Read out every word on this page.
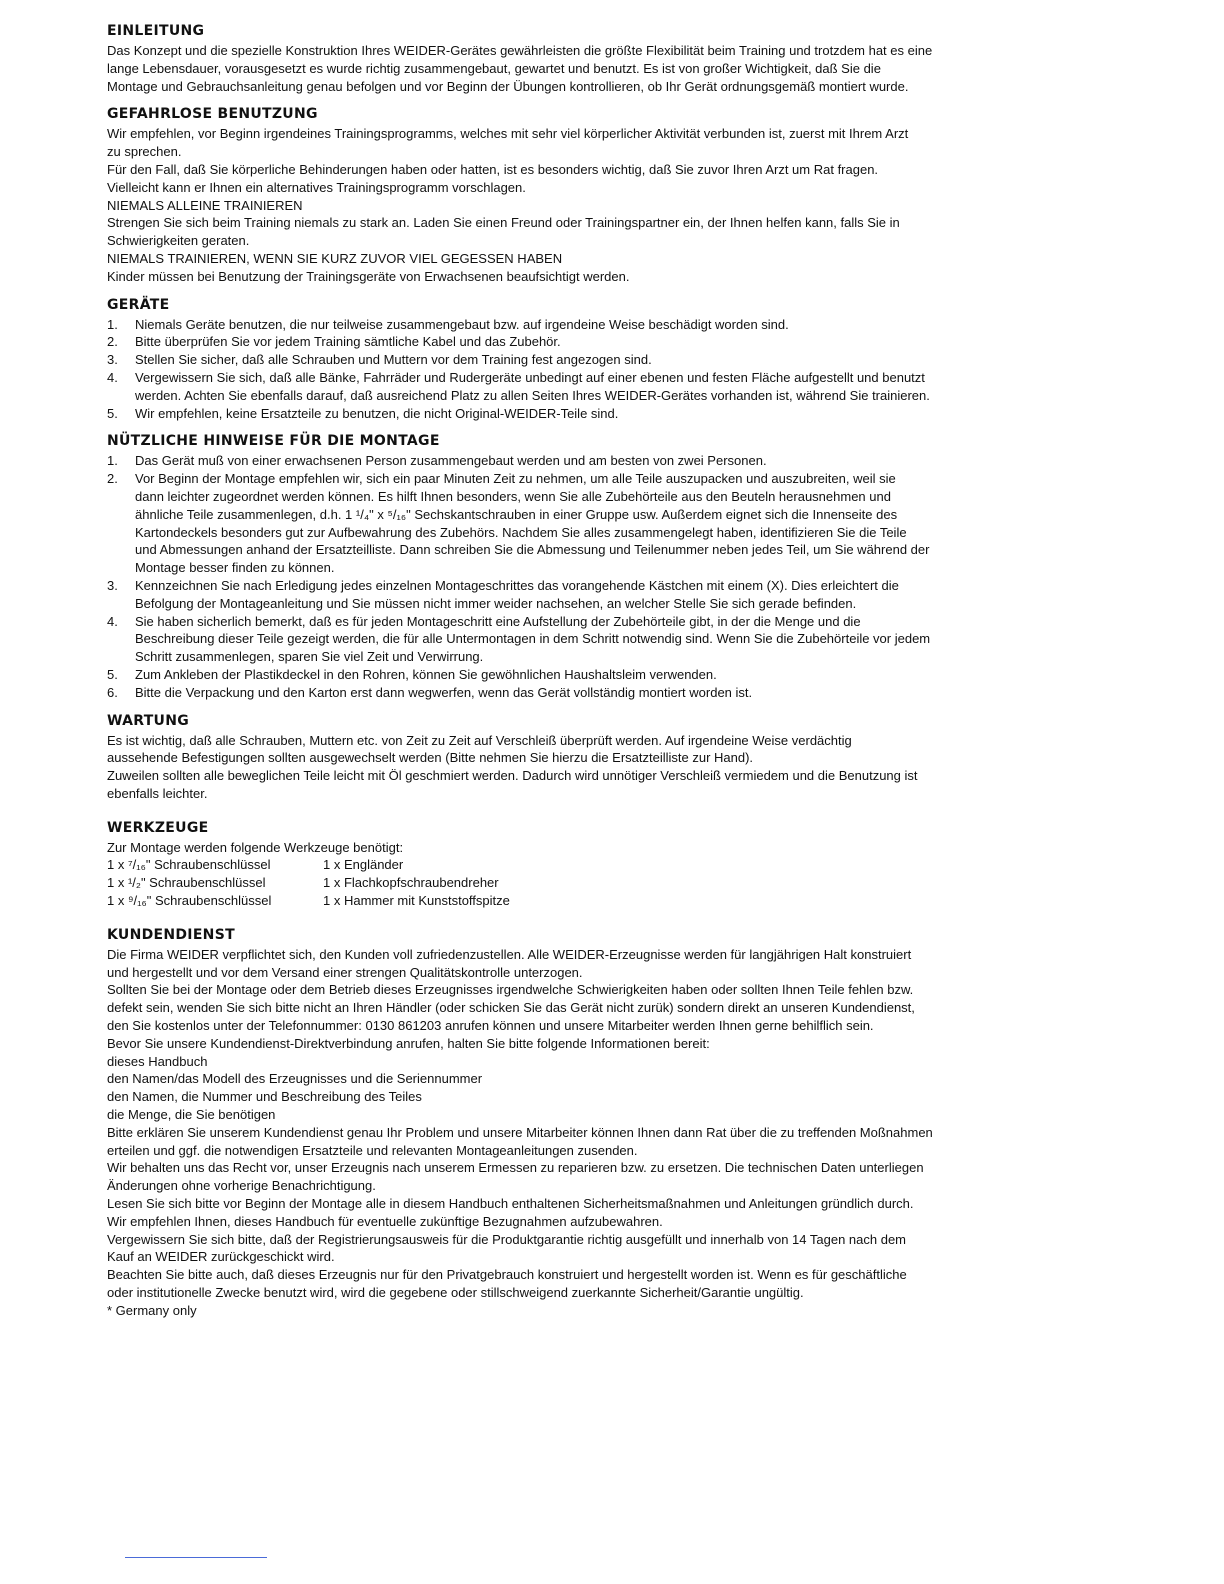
EINLEITUNG

Das Konzept und die spezielle Konstruktion Ihres WEIDER-Gerätes gewährleisten die größte Flexibilität beim Training und trotzdem hat es eine

lange Lebensdauer, vorausgesetzt es wurde richtig zusammengebaut, gewartet und benutzt. Es ist von großer Wichtigkeit, daß Sie die

Montage und Gebrauchsanleitung genau befolgen und vor Beginn der Übungen kontrollieren, ob Ihr Gerät ordnungsgemäß montiert wurde.

GEFAHRLOSE BENUTZUNG

Wir empfehlen, vor Beginn irgendeines Trainingsprogramms, welches mit sehr viel körperlicher Aktivität verbunden ist, zuerst mit Ihrem Arzt

zu sprechen.

Für den Fall, daß Sie körperliche Behinderungen haben oder hatten, ist es besonders wichtig, daß Sie zuvor Ihren Arzt um Rat fragen.

Vielleicht kann er Ihnen ein alternatives Trainingsprogramm vorschlagen.

NIEMALS ALLEINE TRAINIEREN

Strengen Sie sich beim Training niemals zu stark an. Laden Sie einen Freund oder Trainingspartner ein, der Ihnen helfen kann, falls Sie in

Schwierigkeiten geraten.

NIEMALS TRAINIEREN, WENN SIE KURZ ZUVOR VIEL GEGESSEN HABEN

Kinder müssen bei Benutzung der Trainingsgeräte von Erwachsenen beaufsichtigt werden.

GERÄTE
1. Niemals Geräte benutzen, die nur teilweise zusammengebaut bzw. auf irgendeine Weise beschädigt worden sind.
2. Bitte überprüfen Sie vor jedem Training sämtliche Kabel und das Zubehör.
3. Stellen Sie sicher, daß alle Schrauben und Muttern vor dem Training fest angezogen sind.
4. Vergewissern Sie sich, daß alle Bänke, Fahrräder und Rudergeräte unbedingt auf einer ebenen und festen Fläche aufgestellt und benutzt
werden. Achten Sie ebenfalls darauf, daß ausreichend Platz zu allen Seiten Ihres WEIDER-Gerätes vorhanden ist, während Sie trainieren.
5. Wir empfehlen, keine Ersatzteile zu benutzen, die nicht Original-WEIDER-Teile sind.
NÜTZLICHE HINWEISE FÜR DIE MONTAGE
1. Das Gerät muß von einer erwachsenen Person zusammengebaut werden und am besten von zwei Personen.
2. Vor Beginn der Montage empfehlen wir, sich ein paar Minuten Zeit zu nehmen, um alle Teile auszupacken und auszubreiten, weil sie
dann leichter zugeordnet werden können. Es hilft Ihnen besonders, wenn Sie alle Zubehörteile aus den Beuteln herausnehmen und
ähnliche Teile zusammenlegen, d.h. 1 ¹/₄" x ⁵/₁₆" Sechskantschrauben in einer Gruppe usw. Außerdem eignet sich die Innenseite des
Kartondeckels besonders gut zur Aufbewahrung des Zubehörs. Nachdem Sie alles zusammengelegt haben, identifizieren Sie die Teile
und Abmessungen anhand der Ersatzteilliste. Dann schreiben Sie die Abmessung und Teilenummer neben jedes Teil, um Sie während der
Montage besser finden zu können.
3. Kennzeichnen Sie nach Erledigung jedes einzelnen Montageschrittes das vorangehende Kästchen mit einem (X). Dies erleichtert die
Befolgung der Montageanleitung und Sie müssen nicht immer weider nachsehen, an welcher Stelle Sie sich gerade befinden.
4. Sie haben sicherlich bemerkt, daß es für jeden Montageschritt eine Aufstellung der Zubehörteile gibt, in der die Menge und die
Beschreibung dieser Teile gezeigt werden, die für alle Untermontagen in dem Schritt notwendig sind. Wenn Sie die Zubehörteile vor jedem
Schritt zusammenlegen, sparen Sie viel Zeit und Verwirrung.
5. Zum Ankleben der Plastikdeckel in den Rohren, können Sie gewöhnlichen Haushaltsleim verwenden.
6. Bitte die Verpackung und den Karton erst dann wegwerfen, wenn das Gerät vollständig montiert worden ist.
WARTUNG

Es ist wichtig, daß alle Schrauben, Muttern etc. von Zeit zu Zeit auf Verschleiß überprüft werden. Auf irgendeine Weise verdächtig

aussehende Befestigungen sollten ausgewechselt werden (Bitte nehmen Sie hierzu die Ersatzteilliste zur Hand).

Zuweilen sollten alle beweglichen Teile leicht mit Öl geschmiert werden. Dadurch wird unnötiger Verschleiß vermiedem und die Benutzung ist

ebenfalls leichter.

WERKZEUGE

Zur Montage werden folgende Werkzeuge benötigt:

1 x ⁷/₁₆" Schraubenschlüssel	1 x Engländer
1 x ¹/₂" Schraubenschlüssel	1 x Flachkopfschraubendreher
1 x ⁹/₁₆" Schraubenschlüssel	1 x Hammer mit Kunststoffspitze
KUNDENDIENST

Die Firma WEIDER verpflichtet sich, den Kunden voll zufriedenzustellen. Alle WEIDER-Erzeugnisse werden für langjährigen Halt konstruiert

und hergestellt und vor dem Versand einer strengen Qualitätskontrolle unterzogen.

Sollten Sie bei der Montage oder dem Betrieb dieses Erzeugnisses irgendwelche Schwierigkeiten haben oder sollten Ihnen Teile fehlen bzw.

defekt sein, wenden Sie sich bitte nicht an Ihren Händler (oder schicken Sie das Gerät nicht zurük) sondern direkt an unseren Kundendienst,

den Sie kostenlos unter der Telefonnummer: 0130 861203 anrufen können und unsere Mitarbeiter werden Ihnen gerne behilflich sein.

Bevor Sie unsere Kundendienst-Direktverbindung anrufen, halten Sie bitte folgende Informationen bereit:

dieses Handbuch

den Namen/das Modell des Erzeugnisses und die Seriennummer

den Namen, die Nummer und Beschreibung des Teiles

die Menge, die Sie benötigen

Bitte erklären Sie unserem Kundendienst genau Ihr Problem und unsere Mitarbeiter können Ihnen dann Rat über die zu treffenden Moßnahmen

erteilen und ggf. die notwendigen Ersatzteile und relevanten Montageanleitungen zusenden.

Wir behalten uns das Recht vor, unser Erzeugnis nach unserem Ermessen zu reparieren bzw. zu ersetzen. Die technischen Daten unterliegen

Änderungen ohne vorherige Benachrichtigung.

Lesen Sie sich bitte vor Beginn der Montage alle in diesem Handbuch enthaltenen Sicherheitsmaßnahmen und Anleitungen gründlich durch.

Wir empfehlen Ihnen, dieses Handbuch für eventuelle zukünftige Bezugnahmen aufzubewahren.

Vergewissern Sie sich bitte, daß der Registrierungsausweis für die Produktgarantie richtig ausgefüllt und innerhalb von 14 Tagen nach dem

Kauf an WEIDER zurückgeschickt wird.

Beachten Sie bitte auch, daß dieses Erzeugnis nur für den Privatgebrauch konstruiert und hergestellt worden ist. Wenn es für geschäftliche

oder institutionelle Zwecke benutzt wird, wird die gegebene oder stillschweigend zuerkannte Sicherheit/Garantie ungültig.

* Germany only
